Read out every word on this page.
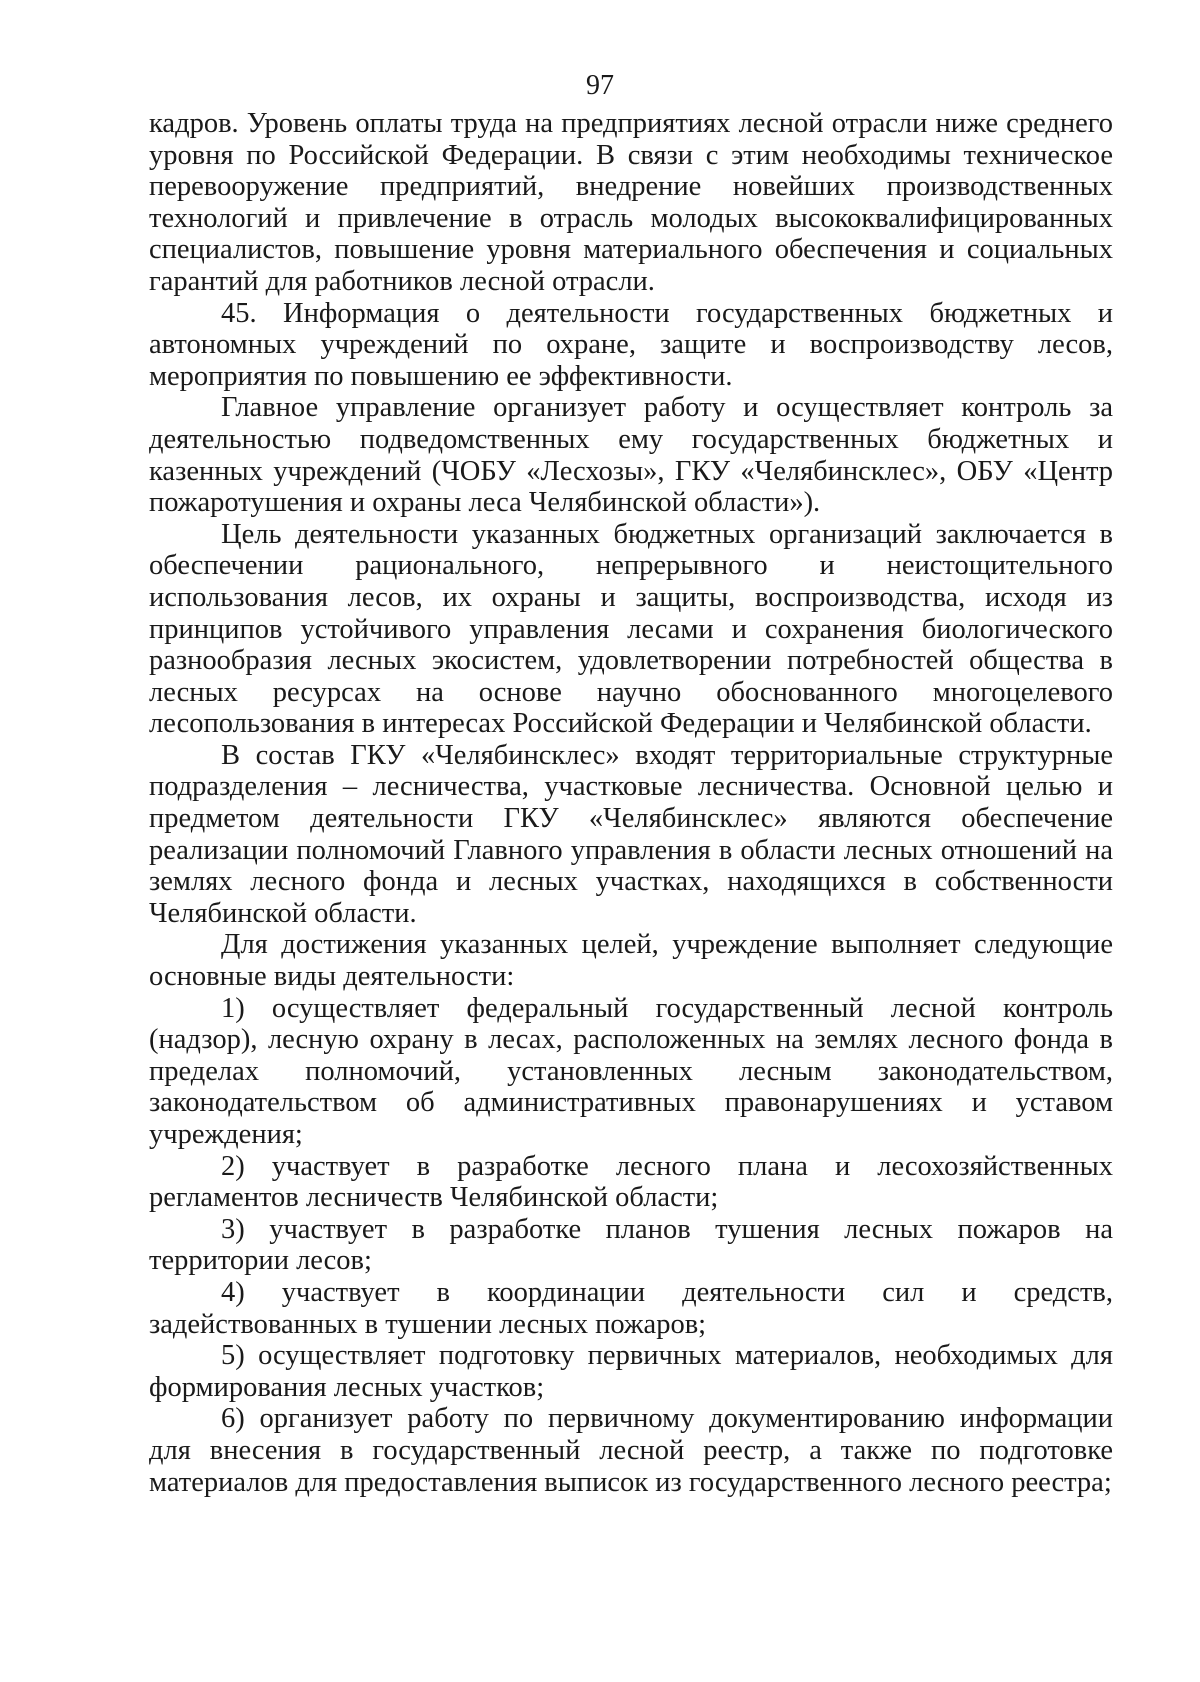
97

кадров. Уровень оплаты труда на предприятиях лесной отрасли ниже среднего уровня по Российской Федерации. В связи с этим необходимы техническое перевооружение предприятий, внедрение новейших производственных технологий и привлечение в отрасль молодых высококвалифицированных специалистов, повышение уровня материального обеспечения и социальных гарантий для работников лесной отрасли.

45. Информация о деятельности государственных бюджетных и автономных учреждений по охране, защите и воспроизводству лесов, мероприятия по повышению ее эффективности.

Главное управление организует работу и осуществляет контроль за деятельностью подведомственных ему государственных бюджетных и казенных учреждений (ЧОБУ «Лесхозы», ГКУ «Челябинсклес», ОБУ «Центр пожаротушения и охраны леса Челябинской области»).

Цель деятельности указанных бюджетных организаций заключается в обеспечении рационального, непрерывного и неистощительного использования лесов, их охраны и защиты, воспроизводства, исходя из принципов устойчивого управления лесами и сохранения биологического разнообразия лесных экосистем, удовлетворении потребностей общества в лесных ресурсах на основе научно обоснованного многоцелевого лесопользования в интересах Российской Федерации и Челябинской области.

В состав ГКУ «Челябинсклес» входят территориальные структурные подразделения – лесничества, участковые лесничества. Основной целью и предметом деятельности ГКУ «Челябинсклес» являются обеспечение реализации полномочий Главного управления в области лесных отношений на землях лесного фонда и лесных участках, находящихся в собственности Челябинской области.

Для достижения указанных целей, учреждение выполняет следующие основные виды деятельности:

1) осуществляет федеральный государственный лесной контроль (надзор), лесную охрану в лесах, расположенных на землях лесного фонда в пределах полномочий, установленных лесным законодательством, законодательством об административных правонарушениях и уставом учреждения;

2) участвует в разработке лесного плана и лесохозяйственных регламентов лесничеств Челябинской области;

3) участвует в разработке планов тушения лесных пожаров на территории лесов;

4) участвует в координации деятельности сил и средств, задействованных в тушении лесных пожаров;

5) осуществляет подготовку первичных материалов, необходимых для формирования лесных участков;

6) организует работу по первичному документированию информации для внесения в государственный лесной реестр, а также по подготовке материалов для предоставления выписок из государственного лесного реестра;
